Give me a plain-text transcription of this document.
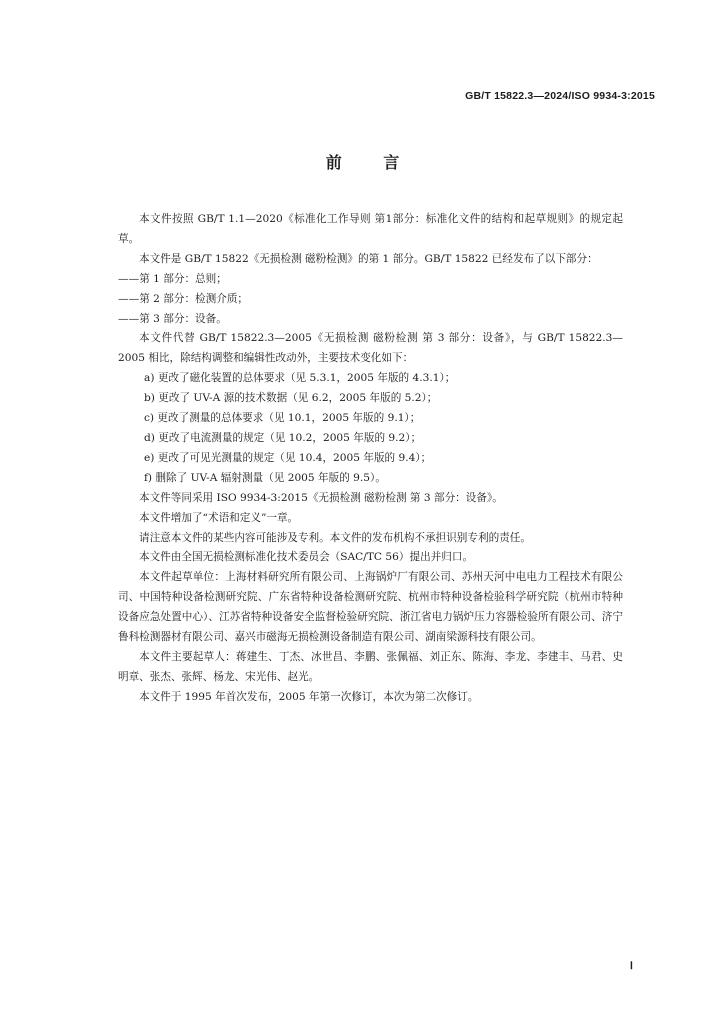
GB/T 15822.3—2024/ISO 9934-3:2015
前 言

本文件按照 GB/T 1.1—2020《标准化工作导则 第1部分：标准化文件的结构和起草规则》的规定起草。

本文件是 GB/T 15822《无损检测 磁粉检测》的第 1 部分。GB/T 15822 已经发布了以下部分：

——第 1 部分：总则；

——第 2 部分：检测介质；

——第 3 部分：设备。

本文件代替 GB/T 15822.3—2005《无损检测 磁粉检测 第 3 部分：设备》，与 GB/T 15822.3—2005 相比，除结构调整和编辑性改动外，主要技术变化如下：

a) 更改了磁化装置的总体要求（见 5.3.1，2005 年版的 4.3.1）；

b) 更改了 UV-A 源的技术数据（见 6.2，2005 年版的 5.2）；

c) 更改了测量的总体要求（见 10.1，2005 年版的 9.1）；

d) 更改了电流测量的规定（见 10.2，2005 年版的 9.2）；

e) 更改了可见光测量的规定（见 10.4，2005 年版的 9.4）；

f) 删除了 UV-A 辐射测量（见 2005 年版的 9.5）。

本文件等同采用 ISO 9934-3:2015《无损检测 磁粉检测 第 3 部分：设备》。

本文件增加了“术语和定义”一章。

请注意本文件的某些内容可能涉及专利。本文件的发布机构不承担识别专利的责任。

本文件由全国无损检测标准化技术委员会（SAC/TC 56）提出并归口。

本文件起草单位：上海材料研究所有限公司、上海锅炉厂有限公司、苏州天河中电电力工程技术有限公司、中国特种设备检测研究院、广东省特种设备检测研究院、杭州市特种设备检验科学研究院（杭州市特种设备应急处置中心）、江苏省特种设备安全监督检验研究院、浙江省电力锅炉压力容器检验所有限公司、济宁鲁科检测器材有限公司、嘉兴市磁海无损检测设备制造有限公司、湖南梁源科技有限公司。

本文件主要起草人：蒋建生、丁杰、冰世昌、李鹏、张佩福、刘正东、陈海、李龙、李建丰、马君、史明章、张杰、张辉、杨龙、宋光伟、赵光。

本文件于 1995 年首次发布，2005 年第一次修订，本次为第二次修订。

Ⅰ
